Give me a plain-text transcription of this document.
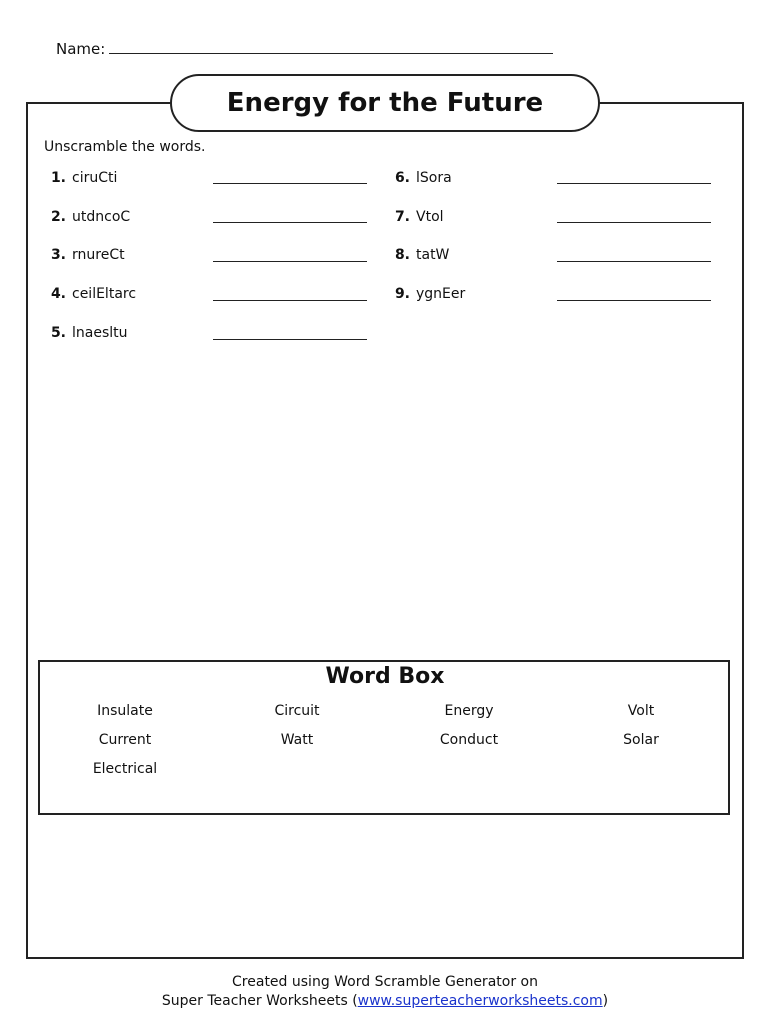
Name:
Energy for the Future
Unscramble the words.
1. ciruCti
2. utdncoC
3. rnureCt
4. ceilEltarc
5. lnaesltu
6. lSora
7. Vtol
8. tatW
9. ygnEer
Word Box
Insulate	Circuit	Energy	Volt
Current	Watt	Conduct	Solar
Electrical
Created using Word Scramble Generator on
Super Teacher Worksheets (www.superteacherworksheets.com)
